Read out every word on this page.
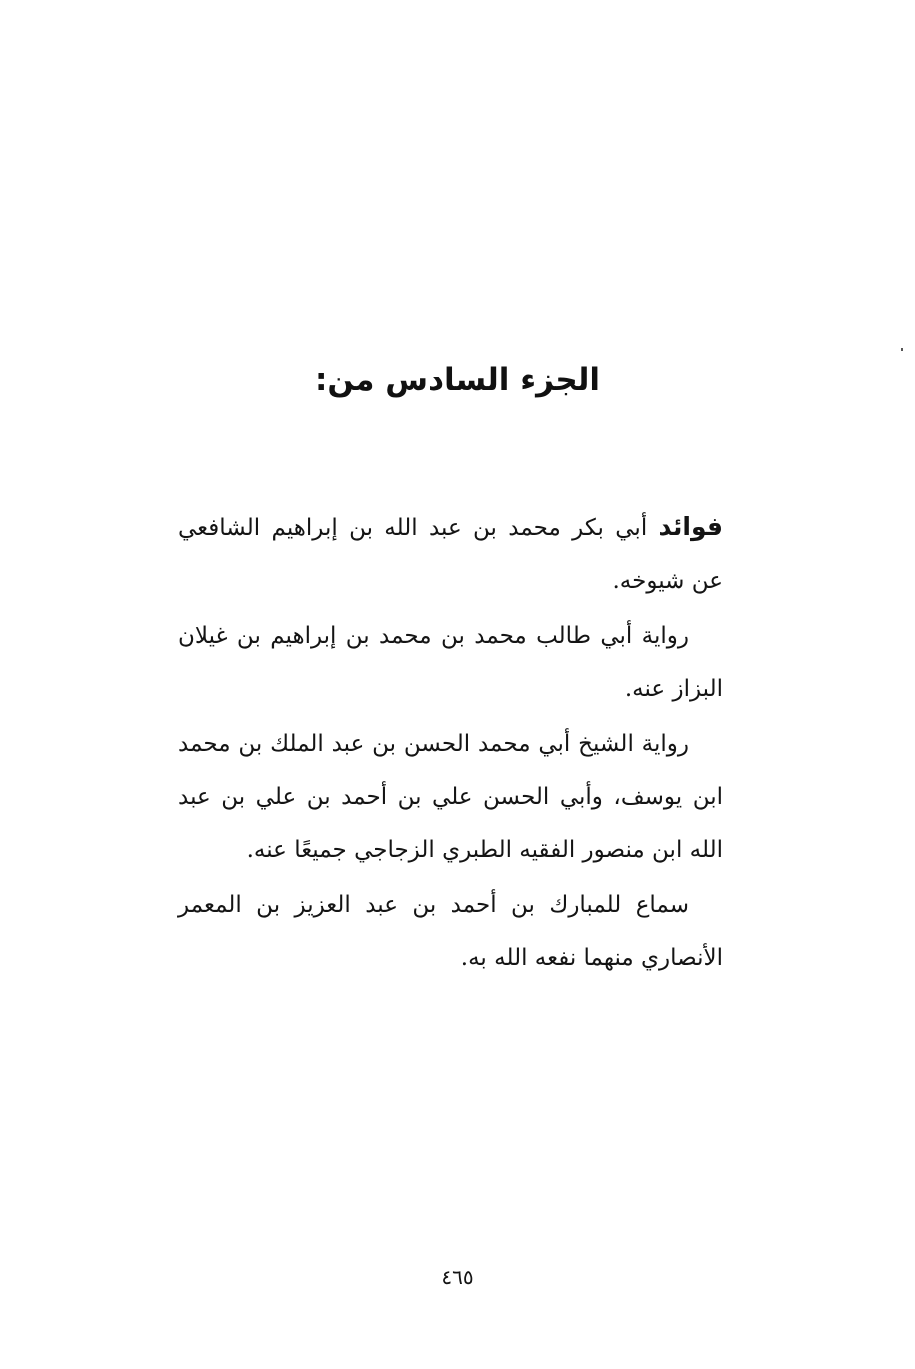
الجزء السادس من:

فوائد أبي بكر محمد بن عبد الله بن إبراهيم الشافعي عن شيوخه.

رواية أبي طالب محمد بن محمد بن إبراهيم بن غيلان البزاز عنه.

رواية الشيخ أبي محمد الحسن بن عبد الملك بن محمد ابن يوسف، وأبي الحسن علي بن أحمد بن علي بن عبد الله ابن منصور الفقيه الطبري الزجاجي جميعًا عنه.

سماع للمبارك بن أحمد بن عبد العزيز بن المعمر الأنصاري منهما نفعه الله به.

٤٦٥
